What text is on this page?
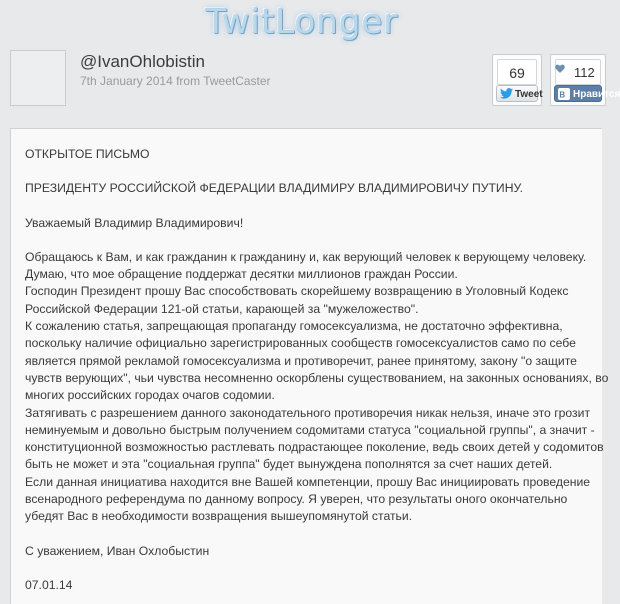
TwitLonger
@IvanOhlobistin
7th January 2014 from TweetCaster	69
Tweet
112
B Нравится

ОТКРЫТОЕ ПИСЬМО

ПРЕЗИДЕНТУ РОССИЙСКОЙ ФЕДЕРАЦИИ ВЛАДИМИРУ ВЛАДИМИРОВИЧУ ПУТИНУ.

Уважаемый Владимир Владимирович!

Обращаюсь к Вам, и как гражданин к гражданину и, как верующий человек к верующему человеку.

Думаю, что мое обращение поддержат десятки миллионов граждан России.

Господин Президент прошу Вас способствовать скорейшему возвращению в Уголовный Кодекс

Российской Федерации 121-ой статьи, карающей за "мужеложество".

К сожалению статья, запрещающая пропаганду гомосексуализма, не достаточно эффективна,

поскольку наличие официально зарегистрированных сообществ гомосексуалистов само по себе

является прямой рекламой гомосексуализма и противоречит, ранее принятому, закону "о защите

чувств верующих", чьи чувства несомненно оскорблены существованием, на законных основаниях, во

многих российских городах очагов содомии.

Затягивать с разрешением данного законодательного противоречия никак нельзя, иначе это грозит

неминуемым и довольно быстрым получением содомитами статуса "социальной группы", а значит -

конституционной возможностью растлевать подрастающее поколение, ведь своих детей у содомитов

быть не может и эта "социальная группа" будет вынуждена пополнятся за счет наших детей.

Если данная инициатива находится вне Вашей компетенции, прошу Вас инициировать проведение

всенародного референдума по данному вопросу. Я уверен, что результаты оного окончательно

убедят Вас в необходимости возвращения вышеупомянутой статьи.

С уважением, Иван Охлобыстин

07.01.14
